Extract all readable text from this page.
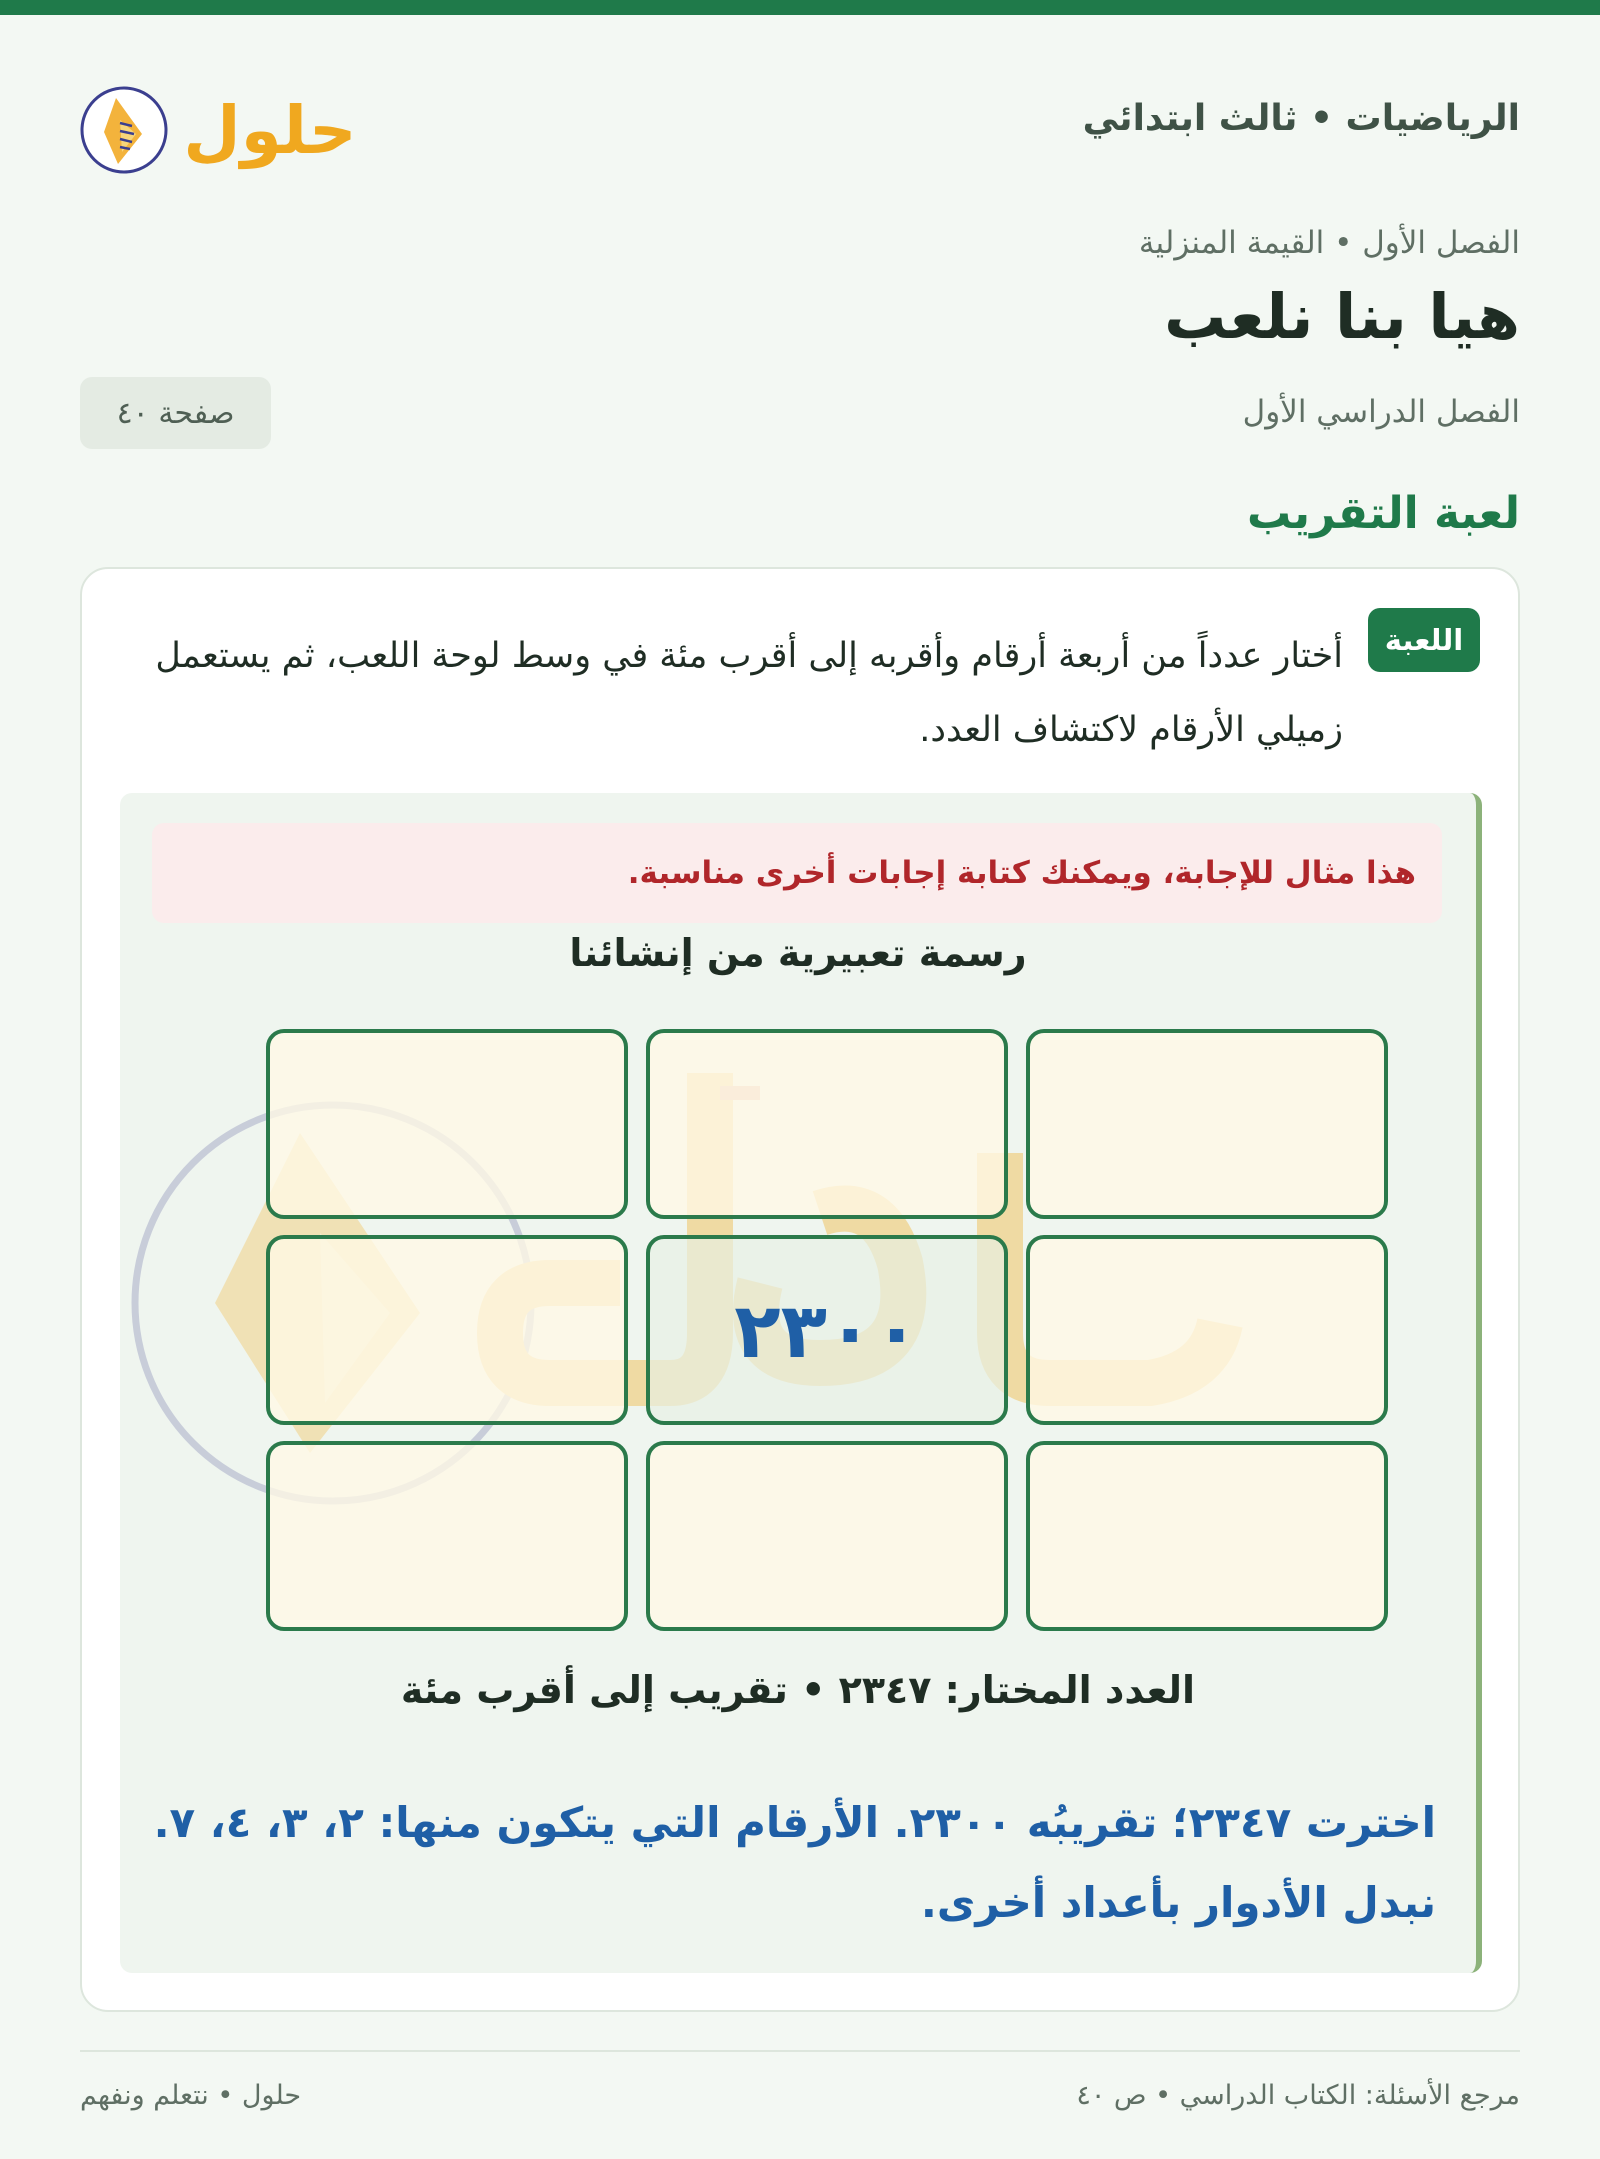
الرياضيات • ثالث ابتدائي
حلول
الفصل الأول • القيمة المنزلية
هيا بنا نلعب
الفصل الدراسي الأول
صفحة ٤٠
لعبة التقريب
اللعبة

أختار عدداً من أربعة أرقام وأقربه إلى أقرب مئة في وسط لوحة اللعب، ثم يستعمل زميلي الأرقام لاكتشاف العدد.

هذا مثال للإجابة، ويمكنك كتابة إجابات أخرى مناسبة.
رسمة تعبيرية من إنشائنا
٢٣٠٠
العدد المختار: ٢٣٤٧ • تقريب إلى أقرب مئة
اخترت ٢٣٤٧؛ تقريبُه ٢٣٠٠. الأرقام التي يتكون منها: ٢، ٣، ٤، ٧.
نبدل الأدوار بأعداد أخرى.
مرجع الأسئلة: الكتاب الدراسي • ص ٤٠
حلول • نتعلم ونفهم
